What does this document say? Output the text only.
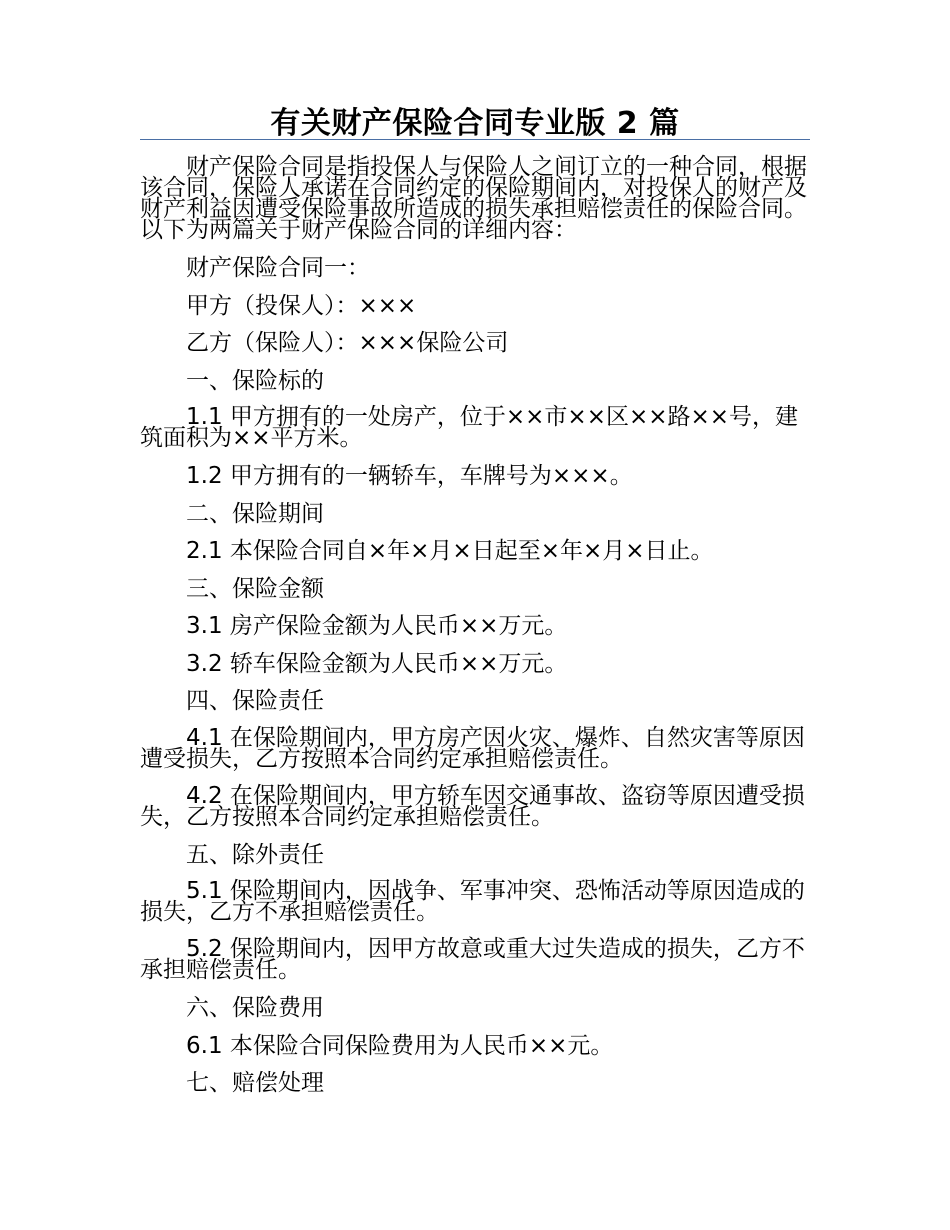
有关财产保险合同专业版 2 篇

财产保险合同是指投保人与保险人之间订立的一种合同，根据该合同，保险人承诺在合同约定的保险期间内，对投保人的财产及财产利益因遭受保险事故所造成的损失承担赔偿责任的保险合同。以下为两篇关于财产保险合同的详细内容：

财产保险合同一：

甲方（投保人）：×××

乙方（保险人）：×××保险公司

一、保险标的

1.1 甲方拥有的一处房产，位于××市××区××路××号，建筑面积为××平方米。

1.2 甲方拥有的一辆轿车，车牌号为×××。

二、保险期间

2.1 本保险合同自×年×月×日起至×年×月×日止。

三、保险金额

3.1 房产保险金额为人民币××万元。

3.2 轿车保险金额为人民币××万元。

四、保险责任

4.1 在保险期间内，甲方房产因火灾、爆炸、自然灾害等原因遭受损失，乙方按照本合同约定承担赔偿责任。

4.2 在保险期间内，甲方轿车因交通事故、盗窃等原因遭受损失，乙方按照本合同约定承担赔偿责任。

五、除外责任

5.1 保险期间内，因战争、军事冲突、恐怖活动等原因造成的损失，乙方不承担赔偿责任。

5.2 保险期间内，因甲方故意或重大过失造成的损失，乙方不承担赔偿责任。

六、保险费用

6.1 本保险合同保险费用为人民币××元。

七、赔偿处理
